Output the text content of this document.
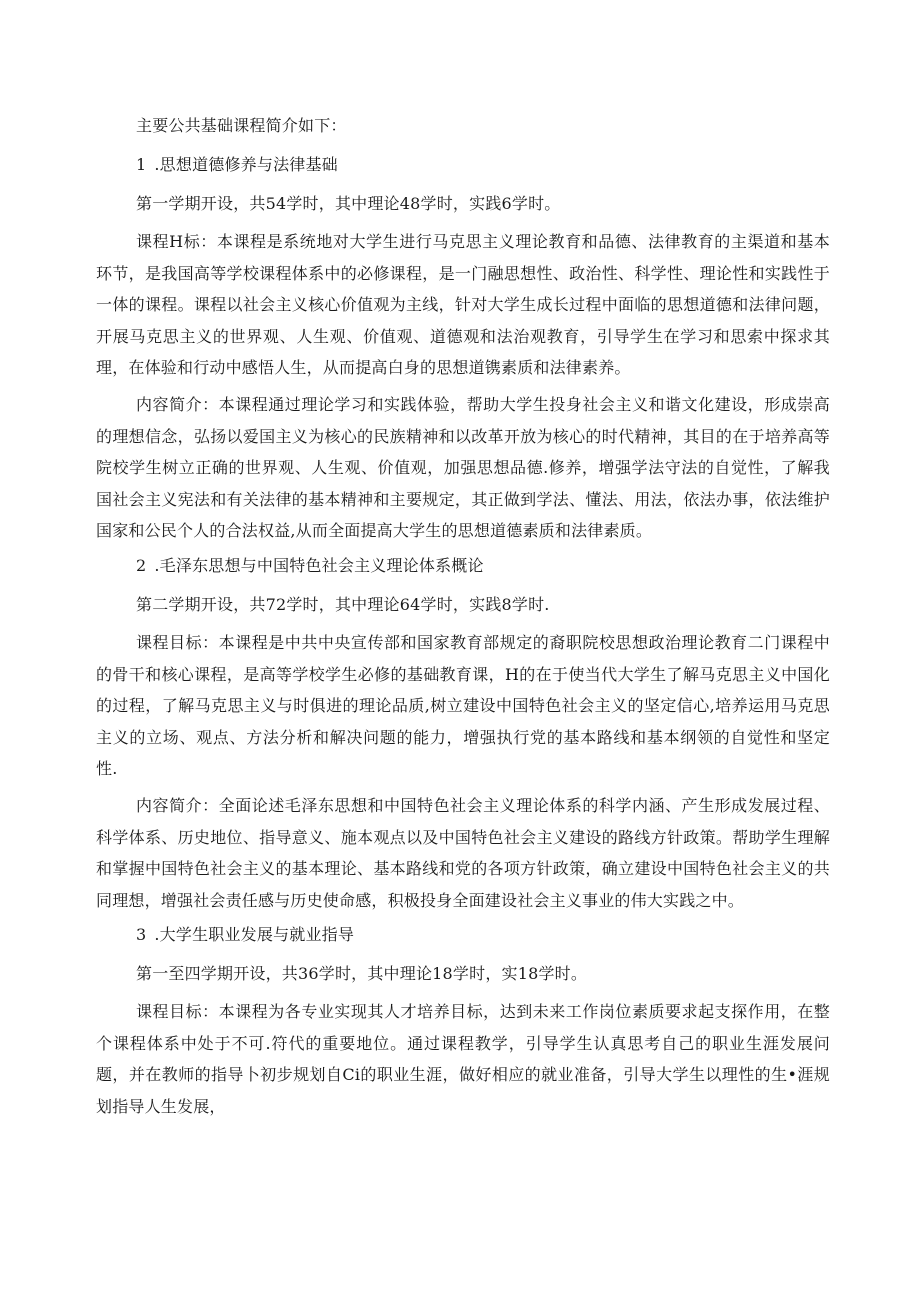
主要公共基础课程简介如下：

1 .思想道德修养与法律基础

第一学期开设，共54学时，其中理论48学时，实践6学时。

课程H标：本课程是系统地对大学生进行马克思主义理论教育和品德、法律教育的主渠道和基本环节，是我国高等学校课程体系中的必修课程，是一门融思想性、政治性、科学性、理论性和实践性于一体的课程。课程以社会主义核心价值观为主线，针对大学生成长过程中面临的思想道德和法律问题，开展马克思主义的世界观、人生观、价值观、道德观和法治观教育，引导学生在学习和思索中探求其理，在体验和行动中感悟人生，从而提高白身的思想道镌素质和法律素养。

内容简介：本课程通过理论学习和实践体验，帮助大学生投身社会主义和谐文化建设，形成崇高的理想信念，弘扬以爱国主义为核心的民族精神和以改革开放为核心的时代精神，其目的在于培养高等院校学生树立正确的世界观、人生观、价值观，加强思想品德.修养，增强学法守法的自觉性，了解我国社会主义宪法和有关法律的基本精神和主要规定，其正做到学法、懂法、用法，依法办事，依法维护国家和公民个人的合法权益,从而全面提高大学生的思想道德素质和法律素质。

2 .毛泽东思想与中国特色社会主义理论体系概论

第二学期开设，共72学时，其中理论64学时，实践8学时.

课程目标：本课程是中共中央宣传部和国家教育部规定的裔职院校思想政治理论教育二门课程中的骨干和核心课程，是高等学校学生必修的基础教育课，H的在于使当代大学生了解马克思主义中国化的过程，了解马克思主义与时俱进的理论品质,树立建设中国特色社会主义的坚定信心,培养运用马克思主义的立场、观点、方法分析和解决问题的能力，增强执行党的基本路线和基本纲领的自觉性和坚定性.

内容简介：全面论述毛泽东思想和中国特色社会主义理论体系的科学内涵、产生形成发展过程、科学体系、历史地位、指导意义、施本观点以及中国特色社会主义建设的路线方针政策。帮助学生理解和掌握中国特色社会主义的基本理论、基本路线和党的各项方针政策，确立建设中国特色社会主义的共同理想，增强社会责任感与历史使命感，积极投身全面建设社会主义事业的伟大实践之中。

3 .大学生职业发展与就业指导

第一至四学期开设，共36学时，其中理论18学时，实18学时。

课程目标：本课程为各专业实现其人才培养目标，达到未来工作岗位素质要求起支探作用，在整个课程体系中处于不可.符代的重要地位。通过课程教学，引导学生认真思考自己的职业生涯发展问题，并在教师的指导卜初步规划自Ci的职业生涯，做好相应的就业准备，引导大学生以理性的生•涯规划指导人生发展，
